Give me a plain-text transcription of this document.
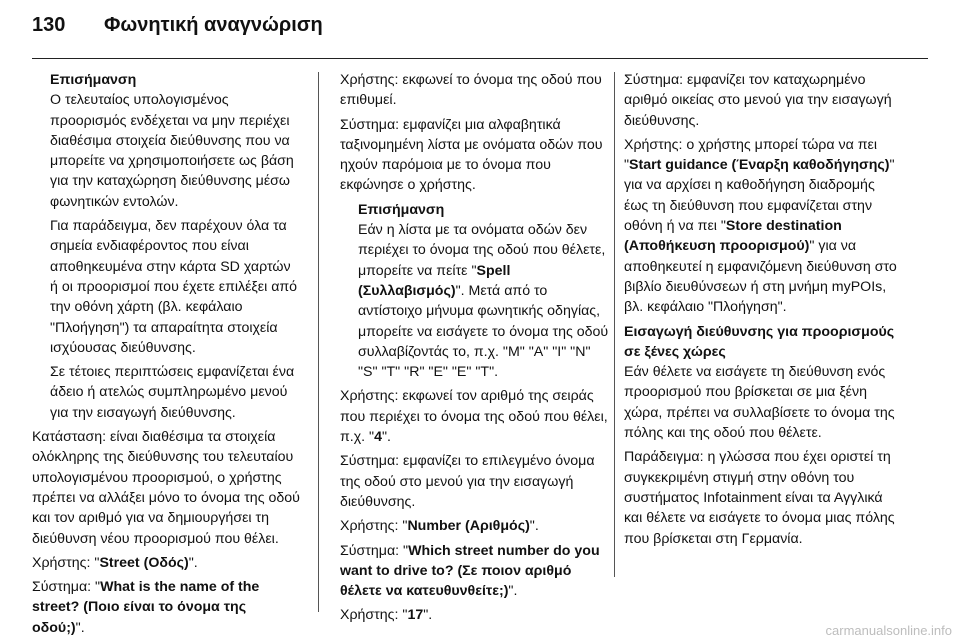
130	Φωνητική αναγνώριση
Επισήμανση

Ο τελευταίος υπολογισμένος προορισμός ενδέχεται να μην περιέχει διαθέσιμα στοιχεία διεύθυνσης που να μπορείτε να χρησιμοποιήσετε ως βάση για την καταχώρηση διεύθυνσης μέσω φωνητικών εντολών.

Για παράδειγμα, δεν παρέχουν όλα τα σημεία ενδιαφέροντος που είναι αποθηκευμένα στην κάρτα SD χαρτών ή οι προορισμοί που έχετε επιλέξει από την οθόνη χάρτη (βλ. κεφάλαιο "Πλοήγηση") τα απαραίτητα στοιχεία ισχύουσας διεύθυνσης.

Σε τέτοιες περιπτώσεις εμφανίζεται ένα άδειο ή ατελώς συμπληρωμένο μενού για την εισαγωγή διεύθυνσης.

Κατάσταση: είναι διαθέσιμα τα στοιχεία ολόκληρης της διεύθυνσης του τελευταίου υπολογισμένου προορισμού, ο χρήστης πρέπει να αλλάξει μόνο το όνομα της οδού και τον αριθμό για να δημιουργήσει τη διεύθυνση νέου προορισμού που θέλει.

Χρήστης: "Street (Οδός)".

Σύστημα: "What is the name of the street? (Ποιο είναι το όνομα της οδού;)".

Χρήστης: εκφωνεί το όνομα της οδού που επιθυμεί.

Σύστημα: εμφανίζει μια αλφαβητικά ταξινομημένη λίστα με ονόματα οδών που ηχούν παρόμοια με το όνομα που εκφώνησε ο χρήστης.

Επισήμανση

Εάν η λίστα με τα ονόματα οδών δεν περιέχει το όνομα της οδού που θέλετε, μπορείτε να πείτε "Spell (Συλλαβισμός)". Μετά από το αντίστοιχο μήνυμα φωνητικής οδηγίας, μπορείτε να εισάγετε το όνομα της οδού συλλαβίζοντάς το, π.χ. "M" "A" "I" "N" "S" "T" "R" "E" "E" "T".

Χρήστης: εκφωνεί τον αριθμό της σειράς που περιέχει το όνομα της οδού που θέλει, π.χ. "4".

Σύστημα: εμφανίζει το επιλεγμένο όνομα της οδού στο μενού για την εισαγωγή διεύθυνσης.

Χρήστης: "Number (Αριθμός)".

Σύστημα: "Which street number do you want to drive to? (Σε ποιον αριθμό θέλετε να κατευθυνθείτε;)".

Χρήστης: "17".

Σύστημα: εμφανίζει τον καταχωρημένο αριθμό οικείας στο μενού για την εισαγωγή διεύθυνσης.

Χρήστης: ο χρήστης μπορεί τώρα να πει "Start guidance (Έναρξη καθοδήγησης)" για να αρχίσει η καθοδήγηση διαδρομής έως τη διεύθυνση που εμφανίζεται στην οθόνη ή να πει "Store destination (Αποθήκευση προορισμού)" για να αποθηκευτεί η εμφανιζόμενη διεύθυνση στο βιβλίο διευθύνσεων ή στη μνήμη myPOIs, βλ. κεφάλαιο "Πλοήγηση".

Εισαγωγή διεύθυνσης για προορισμούς σε ξένες χώρες

Εάν θέλετε να εισάγετε τη διεύθυνση ενός προορισμού που βρίσκεται σε μια ξένη χώρα, πρέπει να συλλαβίσετε το όνομα της πόλης και της οδού που θέλετε.

Παράδειγμα: η γλώσσα που έχει οριστεί τη συγκεκριμένη στιγμή στην οθόνη του συστήματος Infotainment είναι τα Αγγλικά και θέλετε να εισάγετε το όνομα μιας πόλης που βρίσκεται στη Γερμανία.

carmanualsonline.info
